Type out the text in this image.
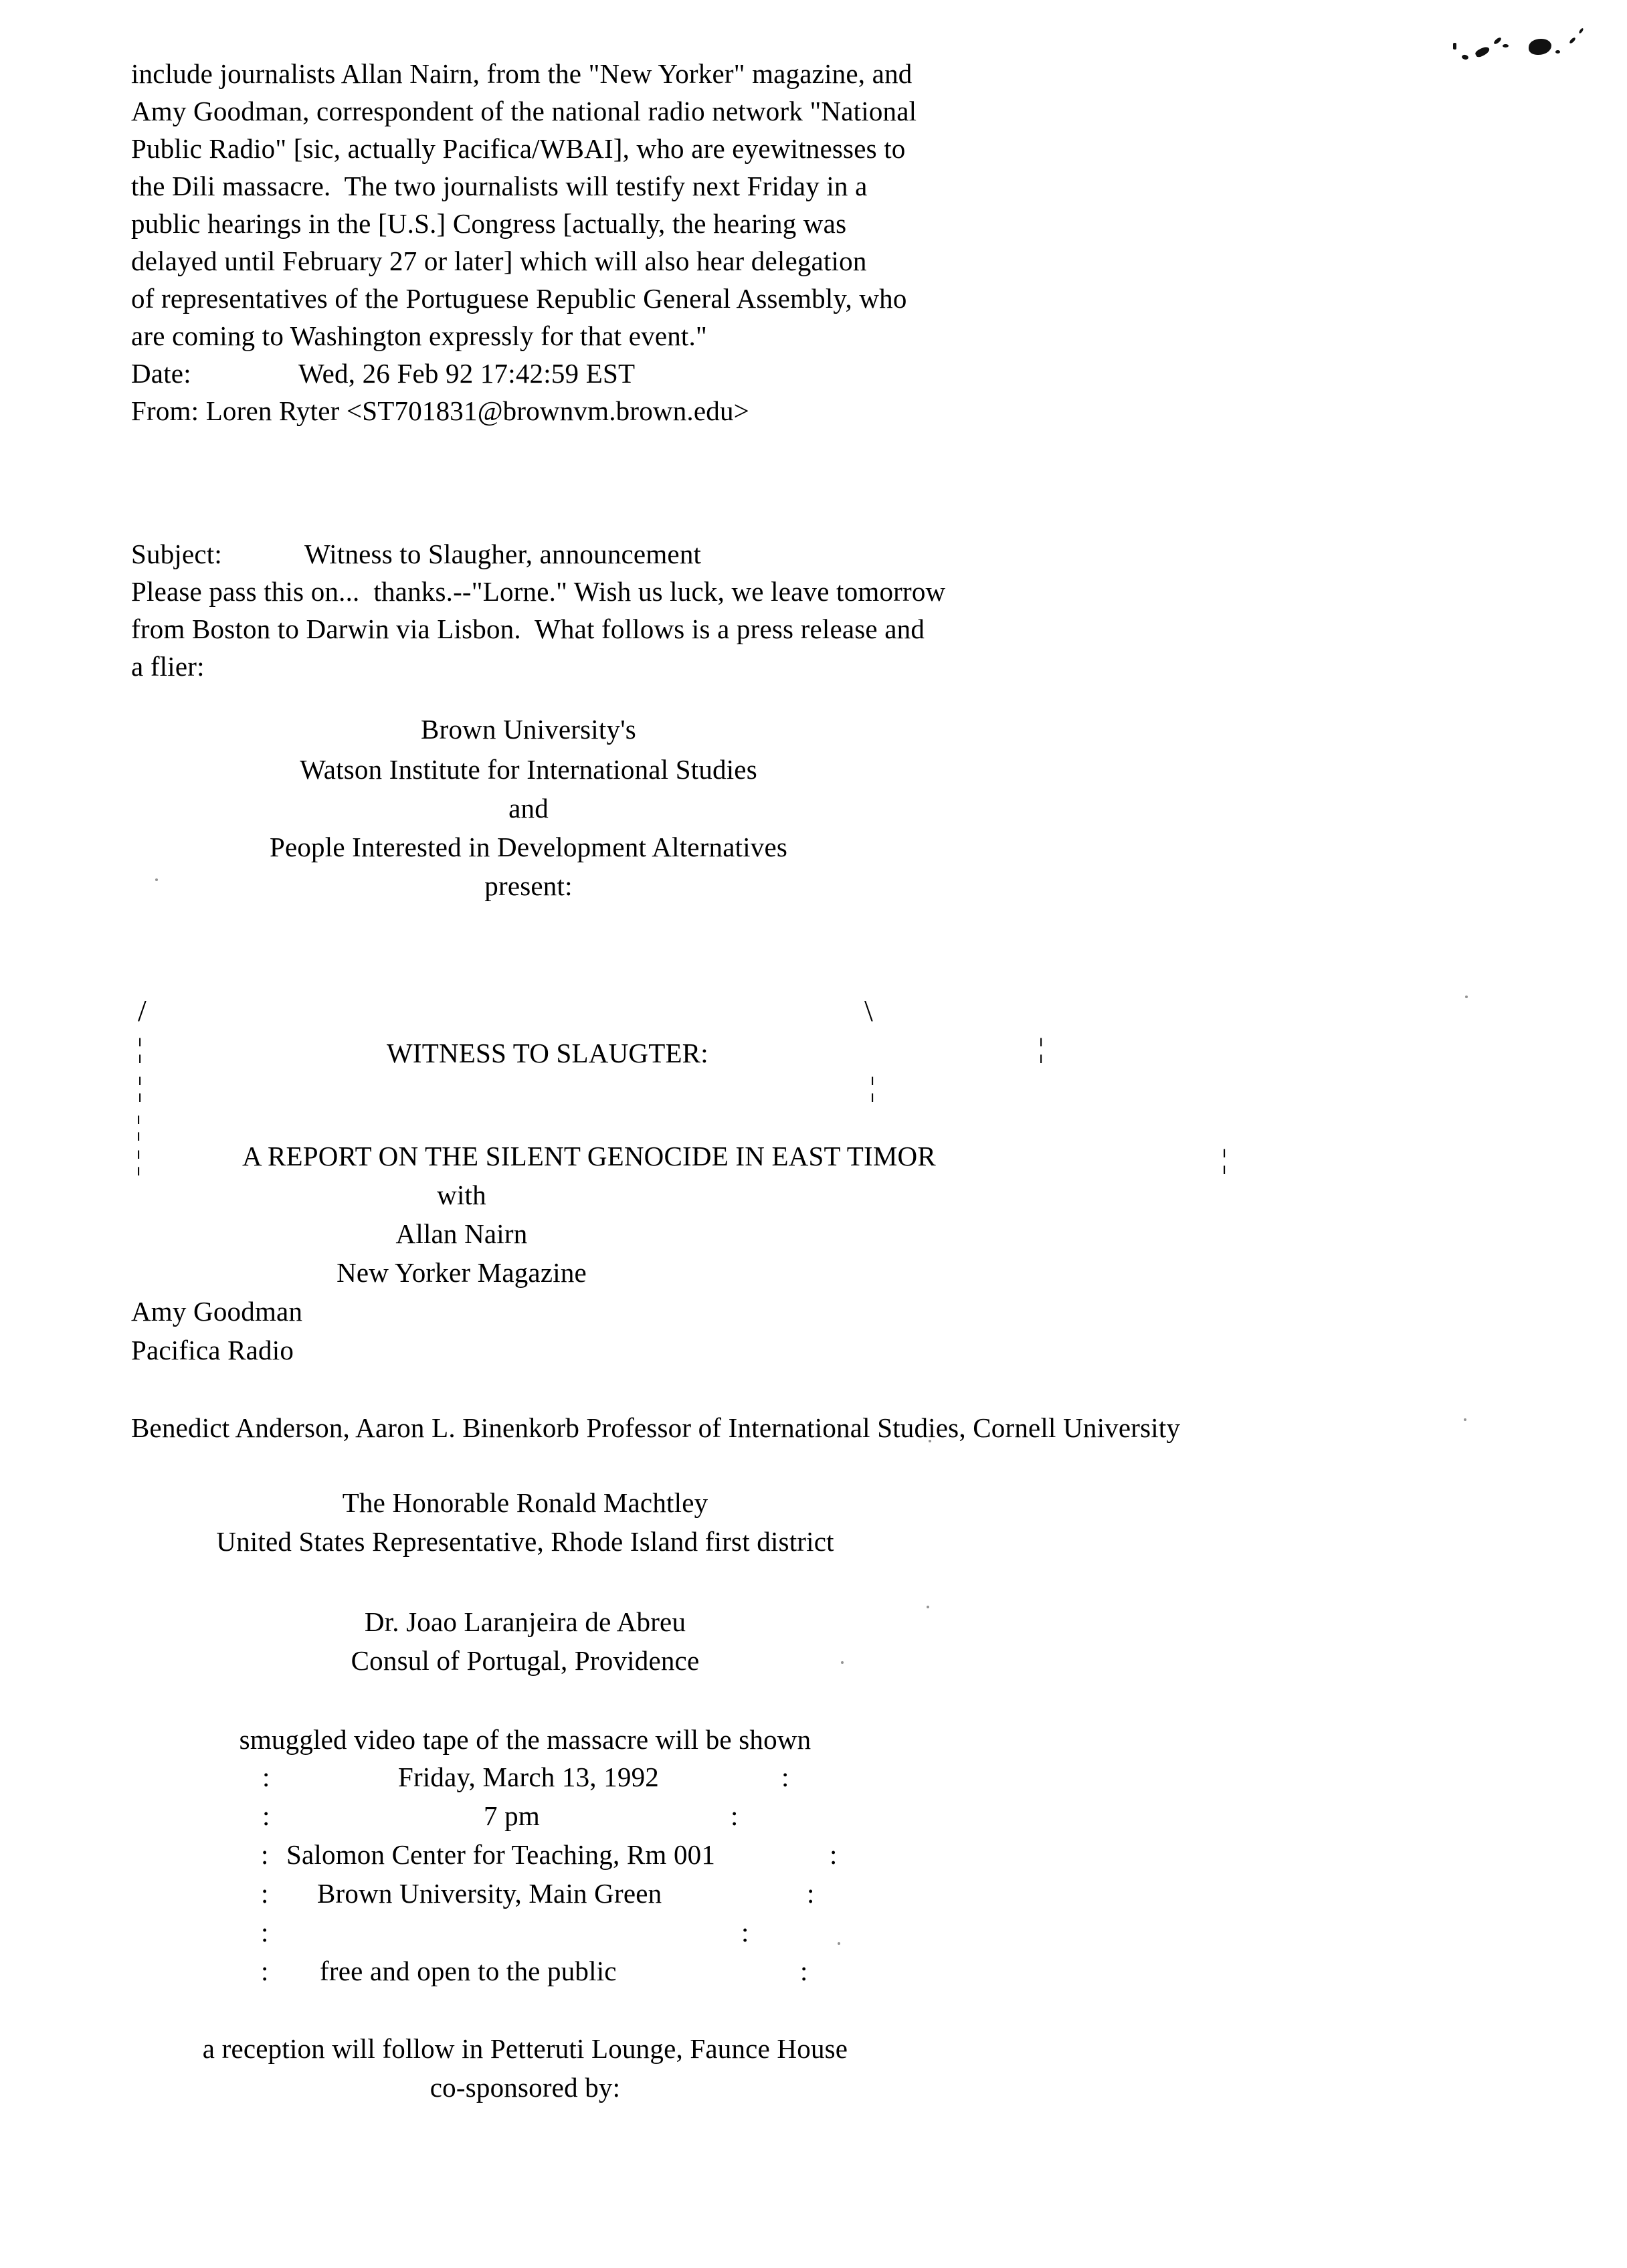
include journalists Allan Nairn, from the "New Yorker" magazine, and

Amy Goodman, correspondent of the national radio network "National

Public Radio" [sic, actually Pacifica/WBAI], who are eyewitnesses to

the Dili massacre.  The two journalists will testify next Friday in a

public hearings in the [U.S.] Congress [actually, the hearing was

delayed until February 27 or later] which will also hear delegation

of representatives of the Portuguese Republic General Assembly, who

are coming to Washington expressly for that event."

Date:	Wed, 26 Feb 92 17:42:59 EST
From: Loren Ryter <ST701831@brownvm.brown.edu>
Subject:	Witness to Slaugher, announcement
Please pass this on...  thanks.--"Lorne." Wish us luck, we leave tomorrow
from Boston to Darwin via Lisbon.  What follows is a press release and
a flier:
Brown University's
Watson Institute for International Studies
and
People Interested in Development Alternatives
present:
/	\
¦
¦
¦
¦
¦
¦
¦
WITNESS TO SLAUGTER:
A REPORT ON THE SILENT GENOCIDE IN EAST TIMOR
with
Allan Nairn
New Yorker Magazine
Amy Goodman
Pacifica Radio
Benedict Anderson, Aaron L. Binenkorb Professor of International Studies, Cornell University
The Honorable Ronald Machtley
United States Representative, Rhode Island first district
Dr. Joao Laranjeira de Abreu
Consul of Portugal, Providence
smuggled video tape of the massacre will be shown
:	Friday, March 13, 1992	:
:	7 pm	:
: Salomon Center for Teaching, Rm 001	:
: Brown University, Main Green	:
:	:
: free and open to the public	:
a reception will follow in Petteruti Lounge, Faunce House
co-sponsored by:
